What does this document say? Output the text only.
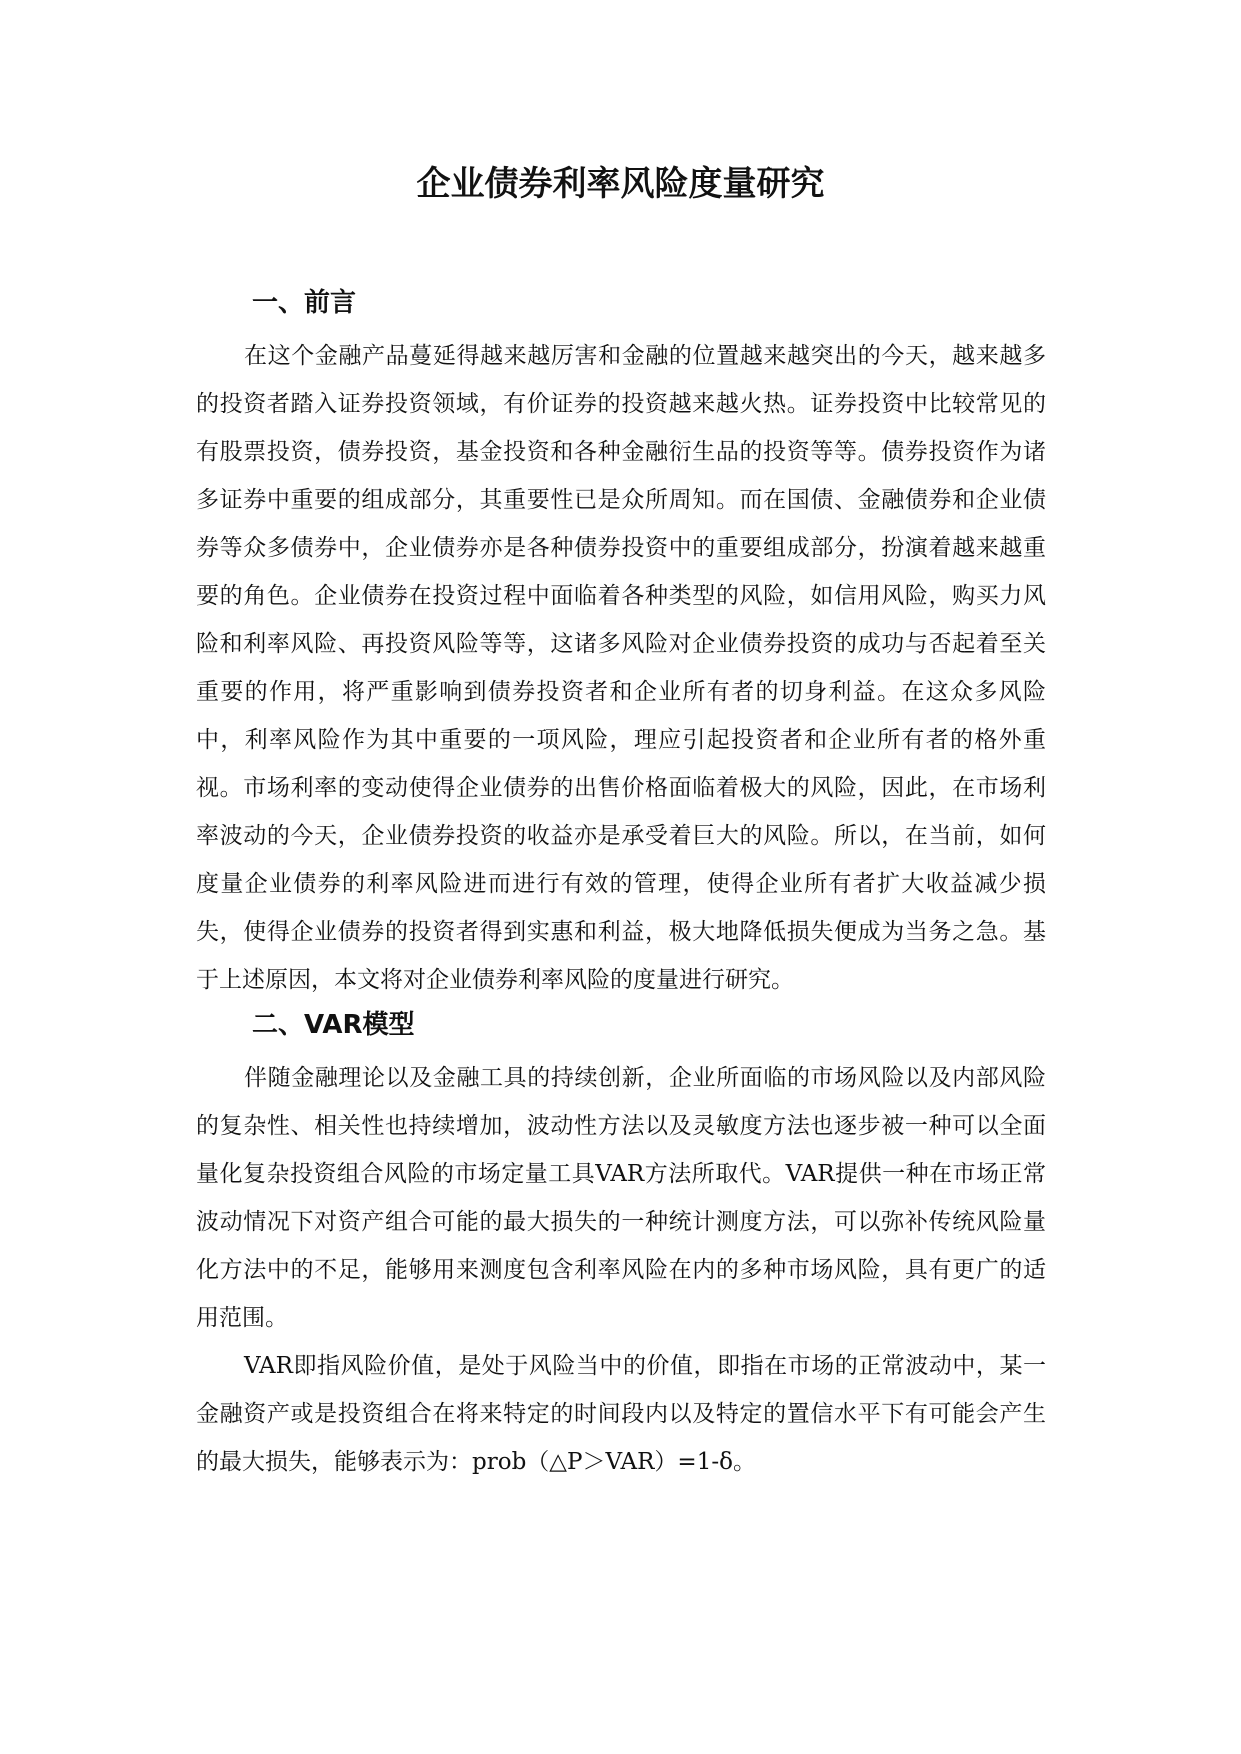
企业债券利率风险度量研究
一、前言

在这个金融产品蔓延得越来越厉害和金融的位置越来越突出的今天，越来越多的投资者踏入证券投资领域，有价证券的投资越来越火热。证券投资中比较常见的有股票投资，债券投资，基金投资和各种金融衍生品的投资等等。债券投资作为诸多证券中重要的组成部分，其重要性已是众所周知。而在国债、金融债券和企业债券等众多债券中，企业债券亦是各种债券投资中的重要组成部分，扮演着越来越重要的角色。企业债券在投资过程中面临着各种类型的风险，如信用风险，购买力风险和利率风险、再投资风险等等，这诸多风险对企业债券投资的成功与否起着至关重要的作用，将严重影响到债券投资者和企业所有者的切身利益。在这众多风险中，利率风险作为其中重要的一项风险，理应引起投资者和企业所有者的格外重视。市场利率的变动使得企业债券的出售价格面临着极大的风险，因此，在市场利率波动的今天，企业债券投资的收益亦是承受着巨大的风险。所以，在当前，如何度量企业债券的利率风险进而进行有效的管理，使得企业所有者扩大收益减少损失，使得企业债券的投资者得到实惠和利益，极大地降低损失便成为当务之急。基于上述原因，本文将对企业债券利率风险的度量进行研究。

二、VAR模型

伴随金融理论以及金融工具的持续创新，企业所面临的市场风险以及内部风险的复杂性、相关性也持续增加，波动性方法以及灵敏度方法也逐步被一种可以全面量化复杂投资组合风险的市场定量工具VAR方法所取代。VAR提供一种在市场正常波动情况下对资产组合可能的最大损失的一种统计测度方法，可以弥补传统风险量化方法中的不足，能够用来测度包含利率风险在内的多种市场风险，具有更广的适用范围。

VAR即指风险价值，是处于风险当中的价值，即指在市场的正常波动中，某一金融资产或是投资组合在将来特定的时间段内以及特定的置信水平下有可能会产生的最大损失，能够表示为：prob（△P＞VAR）=1-δ。
